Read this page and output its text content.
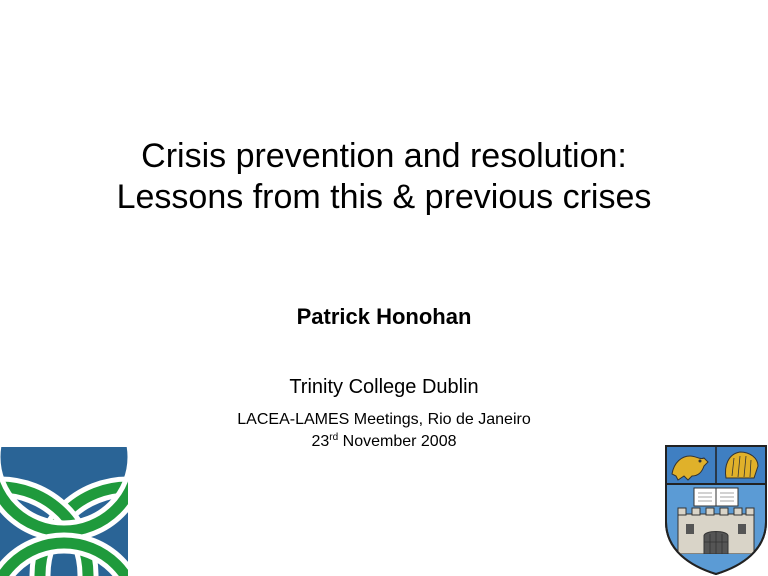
Crisis prevention and resolution:
Lessons from this & previous crises
Patrick Honohan
Trinity College Dublin
LACEA-LAMES Meetings, Rio de Janeiro
23rd November 2008
